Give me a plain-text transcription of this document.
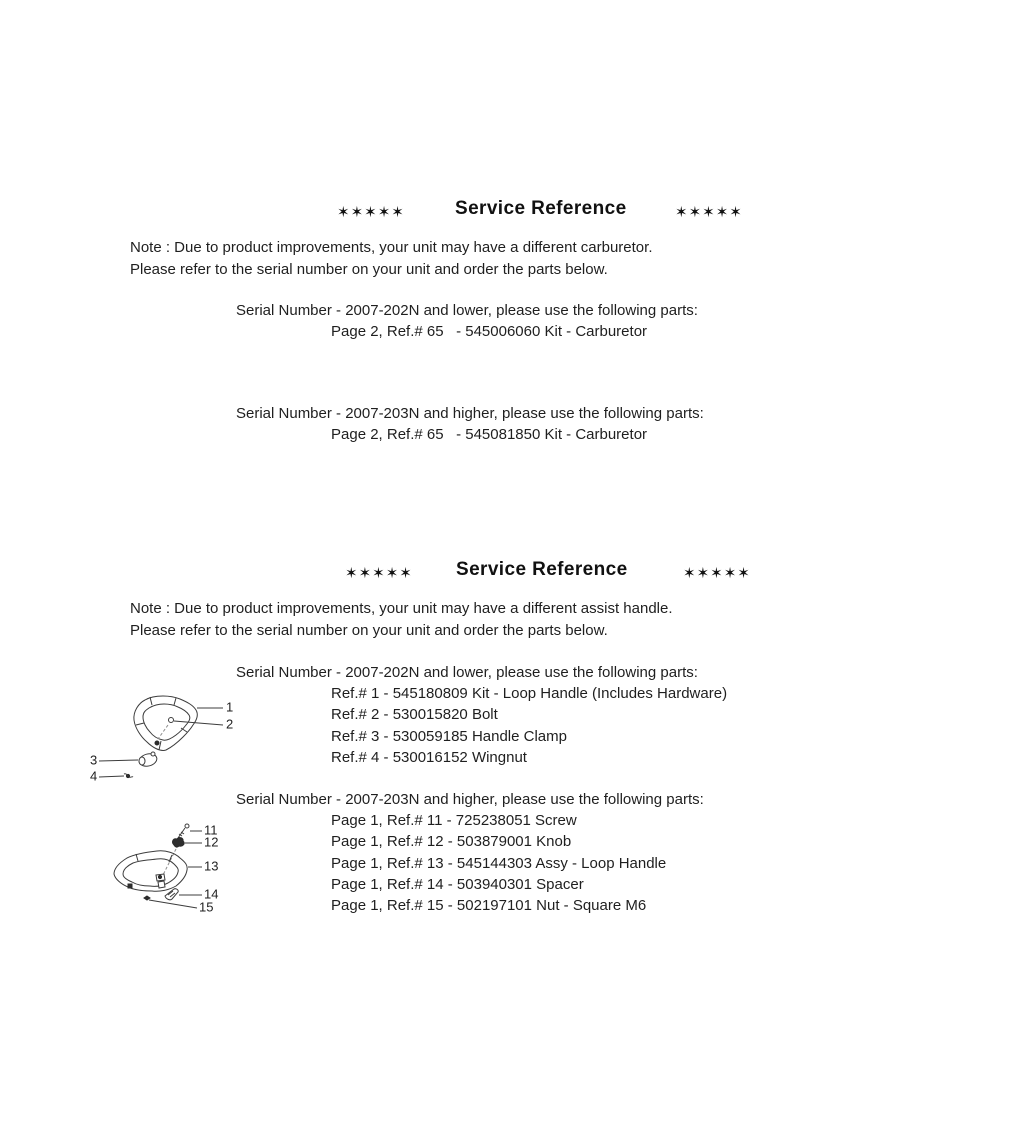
✶✶✶✶✶	Service Reference	✶✶✶✶✶

Note : Due to product improvements, your unit may have a different carburetor.

Please refer to the serial number on your unit and order the parts below.

Serial Number - 2007-202N and lower, please use the following parts:

Page 2, Ref.# 65   - 545006060 Kit - Carburetor

Serial Number - 2007-203N and higher, please use the following parts:

Page 2, Ref.# 65   - 545081850 Kit - Carburetor

✶✶✶✶✶ Service Reference	✶✶✶✶✶

Note : Due to product improvements, your unit may have a different assist handle.

Please refer to the serial number on your unit and order the parts below.

Serial Number - 2007-202N and lower, please use the following parts:

Ref.# 1 - 545180809 Kit - Loop Handle (Includes Hardware)

Ref.# 2 - 530015820 Bolt

Ref.# 3 - 530059185 Handle Clamp

Ref.# 4 - 530016152 Wingnut

Serial Number - 2007-203N and higher, please use the following parts:

Page 1, Ref.# 11 - 725238051 Screw

Page 1, Ref.# 12 - 503879001 Knob

Page 1, Ref.# 13 - 545144303 Assy - Loop Handle

Page 1, Ref.# 14 - 503940301 Spacer

Page 1, Ref.# 15 - 502197101 Nut - Square M6

1
2
3
4
11
12
13
14
15
